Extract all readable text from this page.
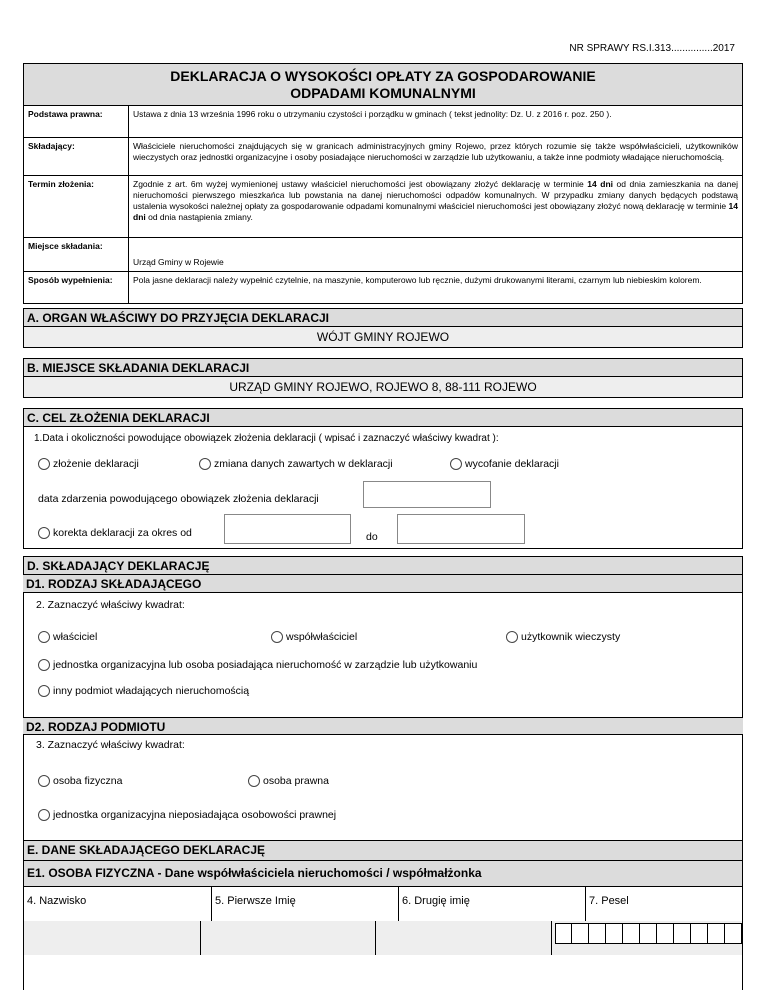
NR SPRAWY RS.I.313...............2017
DEKLARACJA O WYSOKOŚCI OPŁATY ZA GOSPODAROWANIE
ODPADAMI KOMUNALNYMI
Podstawa prawna:	Ustawa z dnia 13 września 1996 roku o utrzymaniu czystości i porządku w gminach ( tekst jednolity: Dz. U. z 2016 r. poz. 250 ).
Składający:	Właściciele nieruchomości znajdujących się w granicach administracyjnych gminy Rojewo, przez których rozumie się także współwłaścicieli, użytkowników wieczystych oraz jednostki organizacyjne i osoby posiadające nieruchomości w zarządzie lub użytkowaniu, a także inne podmioty władające nieruchomością.
Termin złożenia:	Zgodnie z art. 6m wyżej wymienionej ustawy właściciel nieruchomości jest obowiązany złożyć deklarację w terminie 14 dni od dnia zamieszkania na danej nieruchomości pierwszego mieszkańca lub powstania na danej nieruchomości odpadów komunalnych. W przypadku zmiany danych będących podstawą ustalenia wysokości należnej opłaty za gospodarowanie odpadami komunalnymi właściciel nieruchomości jest obowiązany złożyć nową deklarację w terminie 14 dni od dnia nastąpienia zmiany.
Miejsce składania:	Urząd Gminy w Rojewie
Sposób wypełnienia:	Pola jasne deklaracji należy wypełnić czytelnie, na maszynie, komputerowo lub ręcznie, dużymi drukowanymi literami, czarnym lub niebieskim kolorem.
A. ORGAN WŁAŚCIWY DO PRZYJĘCIA DEKLARACJI
WÓJT GMINY ROJEWO
B. MIEJSCE SKŁADANIA DEKLARACJI
URZĄD GMINY ROJEWO, ROJEWO 8, 88-111 ROJEWO
C. CEL ZŁOŻENIA DEKLARACJI
1.Data i okoliczności powodujące obowiązek złożenia deklaracji ( wpisać i zaznaczyć właściwy kwadrat ):
złożenie deklaracji	zmiana danych zawartych w deklaracji	wycofanie deklaracji
data zdarzenia powodującego obowiązek złożenia deklaracji
korekta deklaracji za okres od	do
D. SKŁADAJĄCY DEKLARACJĘ
D1. RODZAJ SKŁADAJĄCEGO
2. Zaznaczyć właściwy kwadrat:
właściciel	współwłaściciel	użytkownik wieczysty
jednostka organizacyjna lub osoba posiadająca nieruchomość w zarządzie lub użytkowaniu
inny podmiot władających nieruchomością
D2. RODZAJ PODMIOTU
3. Zaznaczyć właściwy kwadrat:
osoba fizyczna	osoba prawna
jednostka organizacyjna nieposiadająca osobowości prawnej
E. DANE SKŁADAJĄCEGO DEKLARACJĘ
E1. OSOBA FIZYCZNA - Dane współwłaściciela nieruchomości / współmałżonka
4. Nazwisko	5. Pierwsze Imię	6. Drugię imię	7. Pesel
